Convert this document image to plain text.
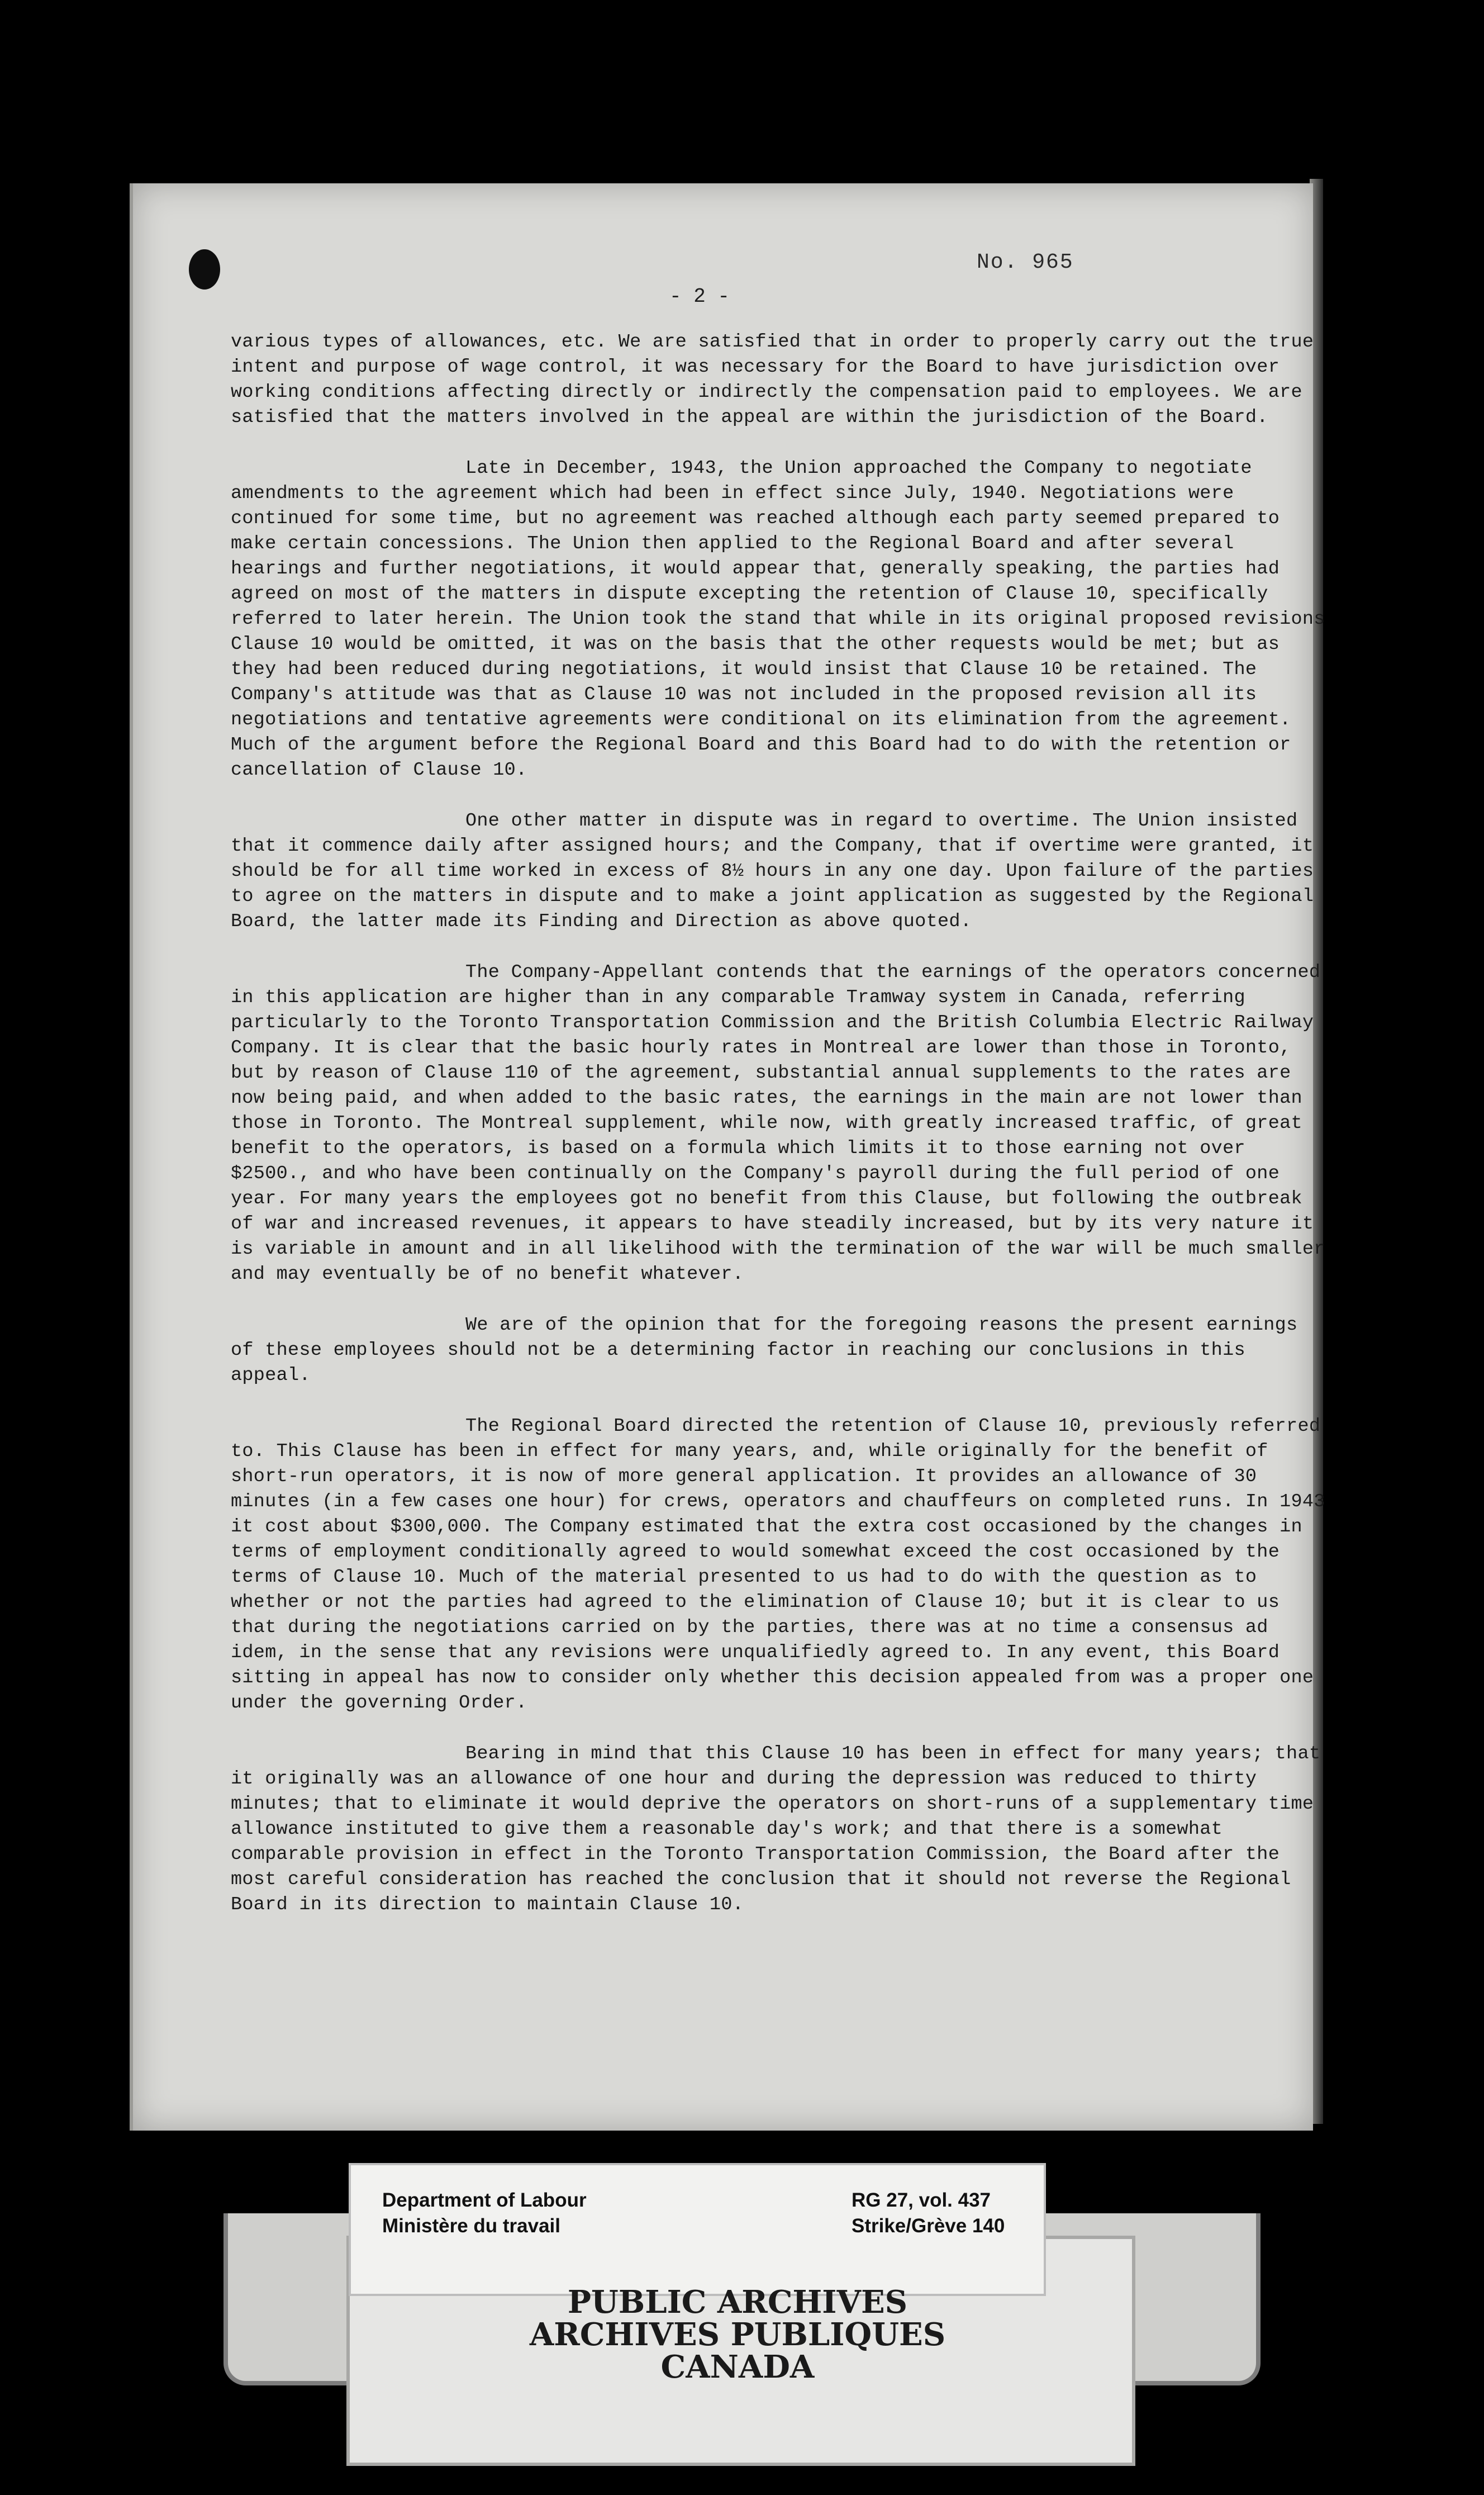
No. 965
- 2 -

various types of allowances, etc. We are satisfied that in order to properly carry out the true intent and purpose of wage control, it was necessary for the Board to have jurisdiction over working conditions affecting directly or indirectly the compensation paid to employees. We are satisfied that the matters involved in the appeal are within the jurisdiction of the Board.

Late in December, 1943, the Union approached the Company to negotiate amendments to the agreement which had been in effect since July, 1940. Negotiations were continued for some time, but no agreement was reached although each party seemed prepared to make certain concessions. The Union then applied to the Regional Board and after several hearings and further negotiations, it would appear that, generally speaking, the parties had agreed on most of the matters in dispute excepting the retention of Clause 10, specifically referred to later herein. The Union took the stand that while in its original proposed revisions Clause 10 would be omitted, it was on the basis that the other requests would be met; but as they had been reduced during negotiations, it would insist that Clause 10 be retained. The Company's attitude was that as Clause 10 was not included in the proposed revision all its negotiations and tentative agreements were conditional on its elimination from the agreement. Much of the argument before the Regional Board and this Board had to do with the retention or cancellation of Clause 10.

One other matter in dispute was in regard to overtime. The Union insisted that it commence daily after assigned hours; and the Company, that if overtime were granted, it should be for all time worked in excess of 8½ hours in any one day. Upon failure of the parties to agree on the matters in dispute and to make a joint application as suggested by the Regional Board, the latter made its Finding and Direction as above quoted.

The Company-Appellant contends that the earnings of the operators concerned in this application are higher than in any comparable Tramway system in Canada, referring particularly to the Toronto Transportation Commission and the British Columbia Electric Railway Company. It is clear that the basic hourly rates in Montreal are lower than those in Toronto, but by reason of Clause 110 of the agreement, substantial annual supplements to the rates are now being paid, and when added to the basic rates, the earnings in the main are not lower than those in Toronto. The Montreal supplement, while now, with greatly increased traffic, of great benefit to the operators, is based on a formula which limits it to those earning not over $2500., and who have been continually on the Company's payroll during the full period of one year. For many years the employees got no benefit from this Clause, but following the outbreak of war and increased revenues, it appears to have steadily increased, but by its very nature it is variable in amount and in all likelihood with the termination of the war will be much smaller and may eventually be of no benefit whatever.

We are of the opinion that for the foregoing reasons the present earnings of these employees should not be a determining factor in reaching our conclusions in this appeal.

The Regional Board directed the retention of Clause 10, previously referred to. This Clause has been in effect for many years, and, while originally for the benefit of short-run operators, it is now of more general application. It provides an allowance of 30 minutes (in a few cases one hour) for crews, operators and chauffeurs on completed runs. In 1943 it cost about $300,000. The Company estimated that the extra cost occasioned by the changes in terms of employment conditionally agreed to would somewhat exceed the cost occasioned by the terms of Clause 10. Much of the material presented to us had to do with the question as to whether or not the parties had agreed to the elimination of Clause 10; but it is clear to us that during the negotiations carried on by the parties, there was at no time a consensus ad idem, in the sense that any revisions were unqualifiedly agreed to. In any event, this Board sitting in appeal has now to consider only whether this decision appealed from was a proper one under the governing Order.

Bearing in mind that this Clause 10 has been in effect for many years; that it originally was an allowance of one hour and during the depression was reduced to thirty minutes; that to eliminate it would deprive the operators on short-runs of a supplementary time allowance instituted to give them a reasonable day's work; and that there is a somewhat comparable provision in effect in the Toronto Transportation Commission, the Board after the most careful consideration has reached the conclusion that it should not reverse the Regional Board in its direction to maintain Clause 10.

Department of Labour
Ministère du travail
RG 27, vol. 437
Strike/Grève 140
PUBLIC ARCHIVES
ARCHIVES PUBLIQUES
CANADA
